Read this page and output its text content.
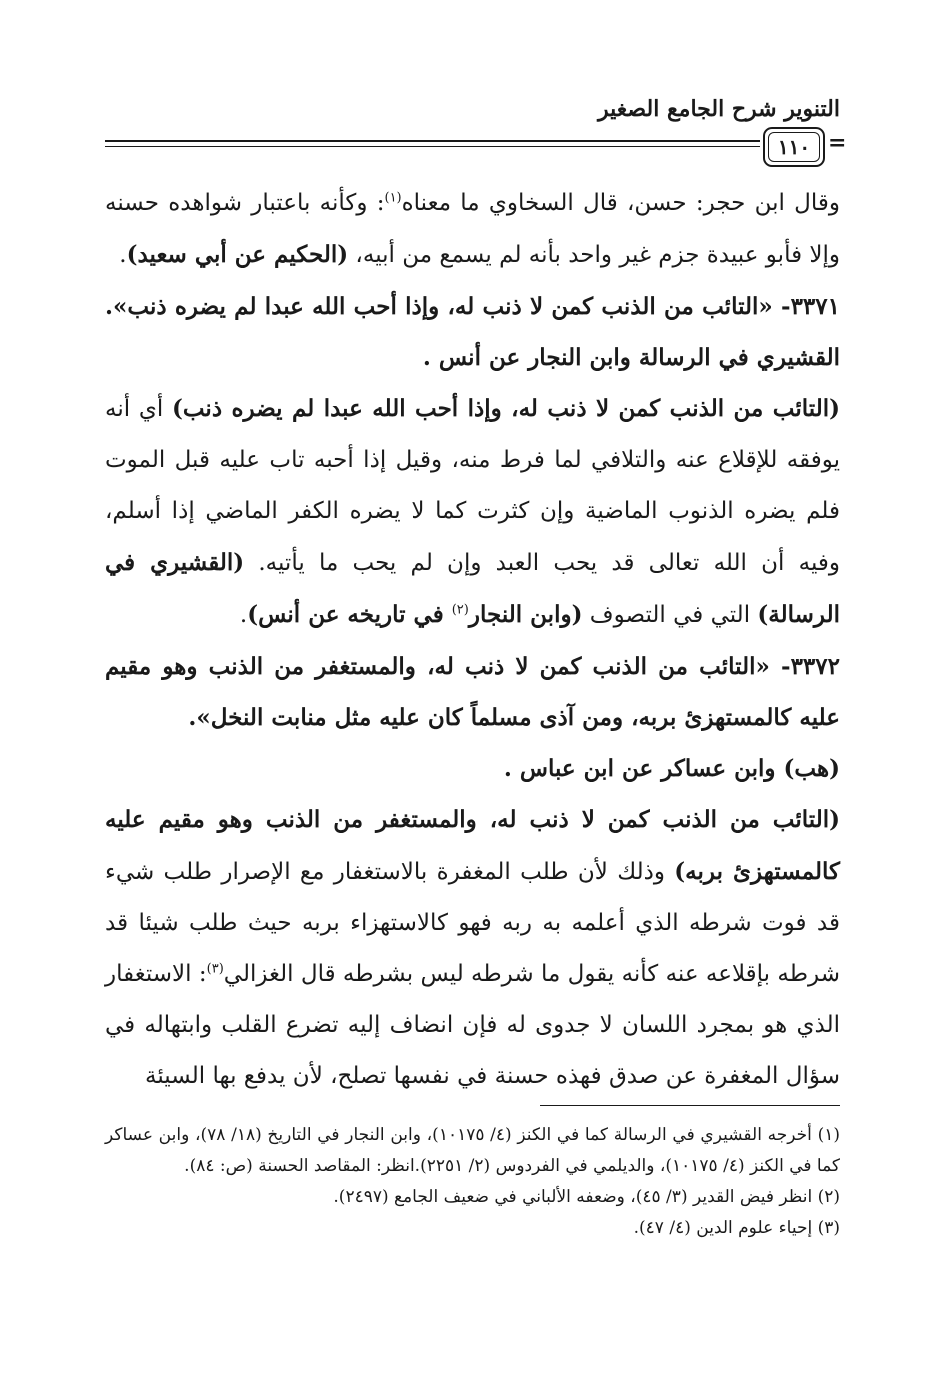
التنوير شرح الجامع الصغير
١١٠ =

وقال ابن حجر: حسن، قال السخاوي ما معناه$^{(١)}$: وكأنه باعتبار شواهده حسنه وإلا فأبو عبيدة جزم غير واحد بأنه لم يسمع من أبيه، (الحكيم عن أبي سعيد).

٣٣٧١- «التائب من الذنب كمن لا ذنب له، وإذا أحب الله عبدا لم يضره ذنب». القشيري في الرسالة وابن النجار عن أنس .

(التائب من الذنب كمن لا ذنب له، وإذا أحب الله عبدا لم يضره ذنب) أي أنه يوفقه للإقلاع عنه والتلافي لما فرط منه، وقيل إذا أحبه تاب عليه قبل الموت فلم يضره الذنوب الماضية وإن كثرت كما لا يضره الكفر الماضي إذا أسلم، وفيه أن الله تعالى قد يحب العبد وإن لم يحب ما يأتيه. (القشيري في الرسالة) التي في التصوف (وابن النجار$^{(٢)}$ في تاريخه عن أنس).

٣٣٧٢- «التائب من الذنب كمن لا ذنب له، والمستغفر من الذنب وهو مقيم عليه كالمستهزئ بربه، ومن آذى مسلماً كان عليه مثل منابت النخل».
(هب) وابن عساكر عن ابن عباس .

(التائب من الذنب كمن لا ذنب له، والمستغفر من الذنب وهو مقيم عليه كالمستهزئ بربه) وذلك لأن طلب المغفرة بالاستغفار مع الإصرار طلب شيء قد فوت شرطه الذي أعلمه به ربه فهو كالاستهزاء بربه حيث طلب شيئا قد شرطه بإقلاعه عنه كأنه يقول ما شرطه ليس بشرطه قال الغزالي$^{(٣)}$: الاستغفار الذي هو بمجرد اللسان لا جدوى له فإن انضاف إليه تضرع القلب وابتهاله في سؤال المغفرة عن صدق فهذه حسنة في نفسها تصلح، لأن يدفع بها السيئة

(١) أخرجه القشيري في الرسالة كما في الكنز (٤/ ١٠١٧٥)، وابن النجار في التاريخ (١٨/ ٧٨)، وابن عساكر كما في الكنز (٤/ ١٠١٧٥)، والديلمي في الفردوس (٢/ ٢٢٥١).انظر: المقاصد الحسنة (ص: ٨٤).

(٢) انظر فيض القدير (٣/ ٤٥)، وضعفه الألباني في ضعيف الجامع (٢٤٩٧).

(٣) إحياء علوم الدين (٤/ ٤٧).
